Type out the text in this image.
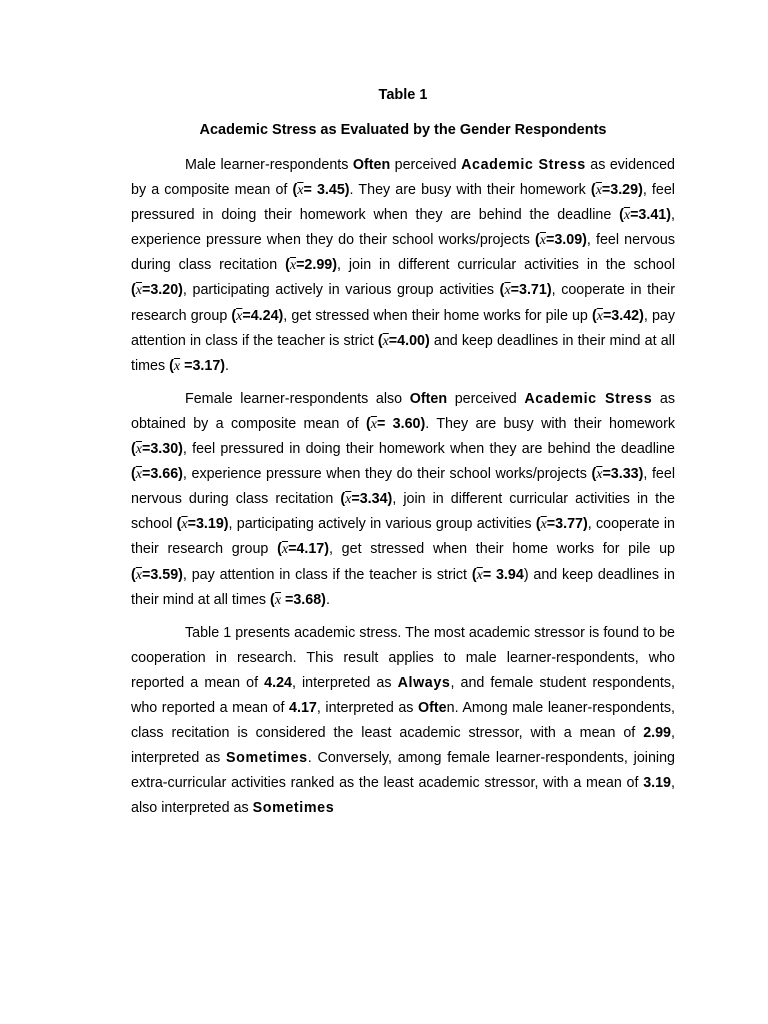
Table 1
Academic Stress as Evaluated by the Gender Respondents

Male learner-respondents Often perceived Academic Stress as evidenced by a composite mean of $(\overline{x}= 3.45)$. They are busy with their homework $(\overline{x}=3.29)$, feel pressured in doing their homework when they are behind the deadline $(\overline{x}=3.41)$, experience pressure when they do their school works/projects $(\overline{x}=3.09)$, feel nervous during class recitation $(\overline{x}=2.99)$, join in different curricular activities in the school $(\overline{x}=3.20)$, participating actively in various group activities $(\overline{x}=3.71)$, cooperate in their research group $(\overline{x}=4.24)$, get stressed when their home works for pile up $(\overline{x}=3.42)$, pay attention in class if the teacher is strict $(\overline{x}=4.00)$ and keep deadlines in their mind at all times $(\overline{x} =3.17)$.

Female learner-respondents also Often perceived Academic Stress as obtained by a composite mean of $(\overline{x}= 3.60)$. They are busy with their homework $(\overline{x}=3.30)$, feel pressured in doing their homework when they are behind the deadline $(\overline{x}=3.66)$, experience pressure when they do their school works/projects $(\overline{x}=3.33)$, feel nervous during class recitation $(\overline{x}=3.34)$, join in different curricular activities in the school $(\overline{x}=3.19)$, participating actively in various group activities $(\overline{x}=3.77)$, cooperate in their research group $(\overline{x}=4.17)$, get stressed when their home works for pile up $(\overline{x}=3.59)$, pay attention in class if the teacher is strict $(\overline{x}= 3.94)$ and keep deadlines in their mind at all times $(\overline{x} =3.68)$.

Table 1 presents academic stress. The most academic stressor is found to be cooperation in research. This result applies to male learner-respondents, who reported a mean of 4.24, interpreted as Always, and female student respondents, who reported a mean of 4.17, interpreted as Often. Among male leaner-respondents, class recitation is considered the least academic stressor, with a mean of 2.99, interpreted as Sometimes. Conversely, among female learner-respondents, joining extra-curricular activities ranked as the least academic stressor, with a mean of 3.19, also interpreted as Sometimes
